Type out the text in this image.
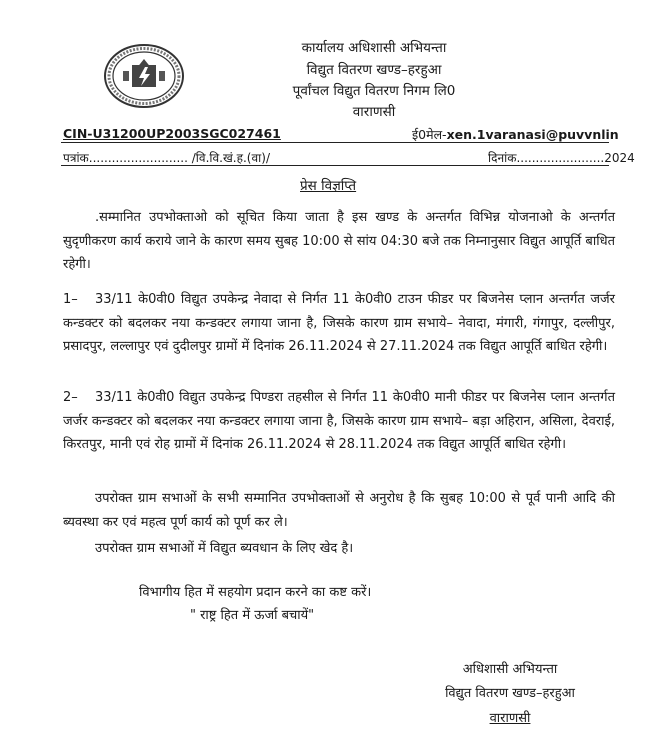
कार्यालय अधिशासी अभियन्ता
विद्युत वितरण खण्ड–हरहुआ
पूर्वांचल विद्युत वितरण निगम लि0
वाराणसी
CIN-U31200UP2003SGC027461	ई0मेल-xen.1varanasi@puvvnlin
पत्रांक.......................... /वि.वि.खं.ह.(वा)/	दिनांक.......................2024
प्रेस विज्ञप्ति
.सम्मानित उपभोक्ताओ को सूचित किया जाता है इस खण्ड के अन्तर्गत विभिन्न योजनाओ के अन्तर्गत सुदृणीकरण कार्य कराये जाने के कारण समय सुबह 10:00 से सांय 04:30 बजे तक निम्नानुसार विद्युत आपूर्ति बाधित रहेगी।
1–	33/11 के0वी0 विद्युत उपकेन्द्र नेवादा से निर्गत 11 के0वी0 टाउन फीडर पर बिजनेस प्लान अन्तर्गत जर्जर कन्डक्टर को बदलकर नया कन्डक्टर लगाया जाना है, जिसके कारण ग्राम सभाये– नेवादा, मंगारी, गंगापुर, दल्लीपुर, प्रसादपुर, लल्लापुर एवं दुदीलपुर ग्रामों में दिनांक 26.11.2024 से 27.11.2024 तक विद्युत आपूर्ति बाधित रहेगी।
2–	33/11 के0वी0 विद्युत उपकेन्द्र पिण्डरा तहसील से निर्गत 11 के0वी0 मानी फीडर पर बिजनेस प्लान अन्तर्गत जर्जर कन्डक्टर को बदलकर नया कन्डक्टर लगाया जाना है, जिसके कारण ग्राम सभाये– बड़ा अहिरान, असिला, देवराई, किरतपुर, मानी एवं रोह ग्रामों में दिनांक 26.11.2024 से 28.11.2024 तक विद्युत आपूर्ति बाधित रहेगी।
उपरोक्त ग्राम सभाओं के सभी सम्मानित उपभोक्ताओं से अनुरोध है कि सुबह 10:00 से पूर्व पानी आदि की ब्यवस्था कर एवं महत्व पूर्ण कार्य को पूर्ण कर ले।
उपरोक्त ग्राम सभाओं में विद्युत ब्यवधान के लिए खेद है।
विभागीय हित में सहयोग प्रदान करने का कष्ट करें।
" राष्ट्र हित में ऊर्जा बचायें"
अधिशासी अभियन्ता
विद्युत वितरण खण्ड–हरहुआ
वाराणसी
